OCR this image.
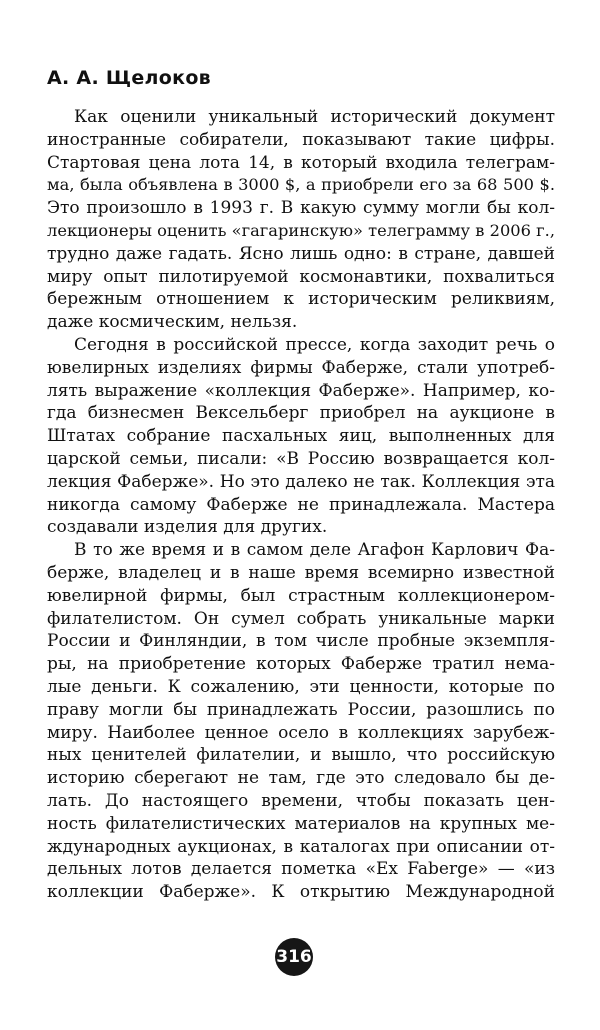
А. А. Щелоков
Как оценили уникальный исторический документ
иностранные собиратели, показывают такие цифры.
Стартовая цена лота 14, в который входила телеграм-
ма, была объявлена в 3000 $, а приобрели его за 68 500 $.
Это произошло в 1993 г. В какую сумму могли бы кол-
лекционеры оценить «гагаринскую» телеграмму в 2006 г.,
трудно даже гадать. Ясно лишь одно: в стране, давшей
миру опыт пилотируемой космонавтики, похвалиться
бережным отношением к историческим реликвиям,
даже космическим, нельзя.
Сегодня в российской прессе, когда заходит речь о
ювелирных изделиях фирмы Фаберже, стали употреб-
лять выражение «коллекция Фаберже». Например, ко-
гда бизнесмен Вексельберг приобрел на аукционе в
Штатах собрание пасхальных яиц, выполненных для
царской семьи, писали: «В Россию возвращается кол-
лекция Фаберже». Но это далеко не так. Коллекция эта
никогда самому Фаберже не принадлежала. Мастера
создавали изделия для других.
В то же время и в самом деле Агафон Карлович Фа-
берже, владелец и в наше время всемирно известной
ювелирной фирмы, был страстным коллекционером-
филателистом. Он сумел собрать уникальные марки
России и Финляндии, в том числе пробные экземпля-
ры, на приобретение которых Фаберже тратил нема-
лые деньги. К сожалению, эти ценности, которые по
праву могли бы принадлежать России, разошлись по
миру. Наиболее ценное осело в коллекциях зарубеж-
ных ценителей филателии, и вышло, что российскую
историю сберегают не там, где это следовало бы де-
лать. До настоящего времени, чтобы показать цен-
ность филателистических материалов на крупных ме-
ждународных аукционах, в каталогах при описании от-
дельных лотов делается пометка «Ex Faberge» — «из
коллекции Фаберже». К открытию Международной
316
